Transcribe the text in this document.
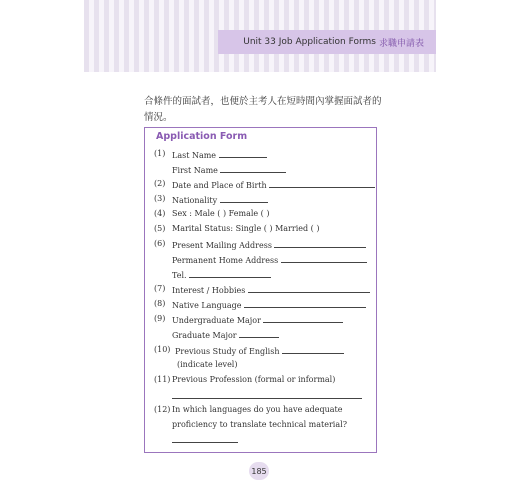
Unit 33 Job Application Forms 求職申請表
合條件的面試者，也便於主考人在短時間內掌握面試者的
情況。
Application Form
(1) Last Name
First Name
(2) Date and Place of Birth
(3) Nationality
(4) Sex : Male ( ) Female ( )
(5) Marital Status: Single ( ) Married ( )
(6) Present Mailing Address
Permanent Home Address
Tel.
(7) Interest / Hobbies
(8) Native Language
(9) Undergraduate Major
Graduate Major
(10) Previous Study of English
(indicate level)
(11) Previous Profession (formal or informal)
(12) In which languages do you have adequate
proficiency to translate technical material?
185
